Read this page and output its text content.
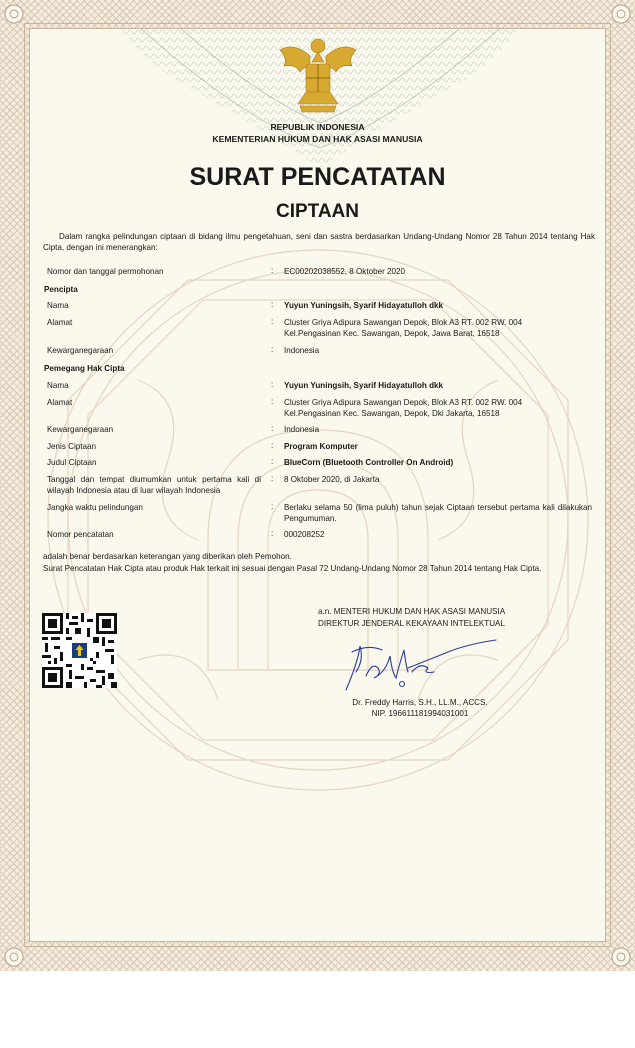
REPUBLIK INDONESIA
KEMENTERIAN HUKUM DAN HAK ASASI MANUSIA
SURAT PENCATATAN
CIPTAAN
Dalam rangka pelindungan ciptaan di bidang ilmu pengetahuan, seni dan sastra berdasarkan Undang-Undang Nomor 28 Tahun 2014 tentang Hak Cipta, dengan ini menerangkan:
Nomor dan tanggal permohonan	: EC00202038552, 8 Oktober 2020
Pencipta
Nama	: Yuyun Yuningsih, Syarif Hidayatulloh dkk
Alamat	: Cluster Griya Adipura Sawangan Depok, Blok A3 RT. 002 RW. 004
Kel.Pengasinan Kec. Sawangan, Depok, Jawa Barat, 16518
Kewarganegaraan	: Indonesia
Pemegang Hak Cipta
Nama	: Yuyun Yuningsih, Syarif Hidayatulloh dkk
Alamat	: Cluster Griya Adipura Sawangan Depok, Blok A3 RT. 002 RW. 004
Kel.Pengasinan Kec. Sawangan, Depok, Dki Jakarta, 16518
Kewarganegaraan	: Indonesia
Jenis Ciptaan	: Program Komputer
Judul Ciptaan	: BlueCorn (Bluetooth Controller On Android)
Tanggal dan tempat diumumkan untuk pertama kali di wilayah Indonesia atau di luar wilayah Indonesia
: 8 Oktober 2020, di Jakarta
Jangka waktu pelindungan	: Berlaku selama 50 (lima puluh) tahun sejak Ciptaan tersebut pertama kali dilakukan Pengumuman.
Nomor pencatatan	: 000208252
adalah benar berdasarkan keterangan yang diberikan oleh Pemohon.
Surat Pencatatan Hak Cipta atau produk Hak terkait ini sesuai dengan Pasal 72 Undang-Undang Nomor 28 Tahun 2014 tentang Hak Cipta.
a.n. MENTERI HUKUM DAN HAK ASASI MANUSIA
DIREKTUR JENDERAL KEKAYAAN INTELEKTUAL
Dr. Freddy Harris, S.H., LL.M., ACCS.
NIP. 196611181994031001
